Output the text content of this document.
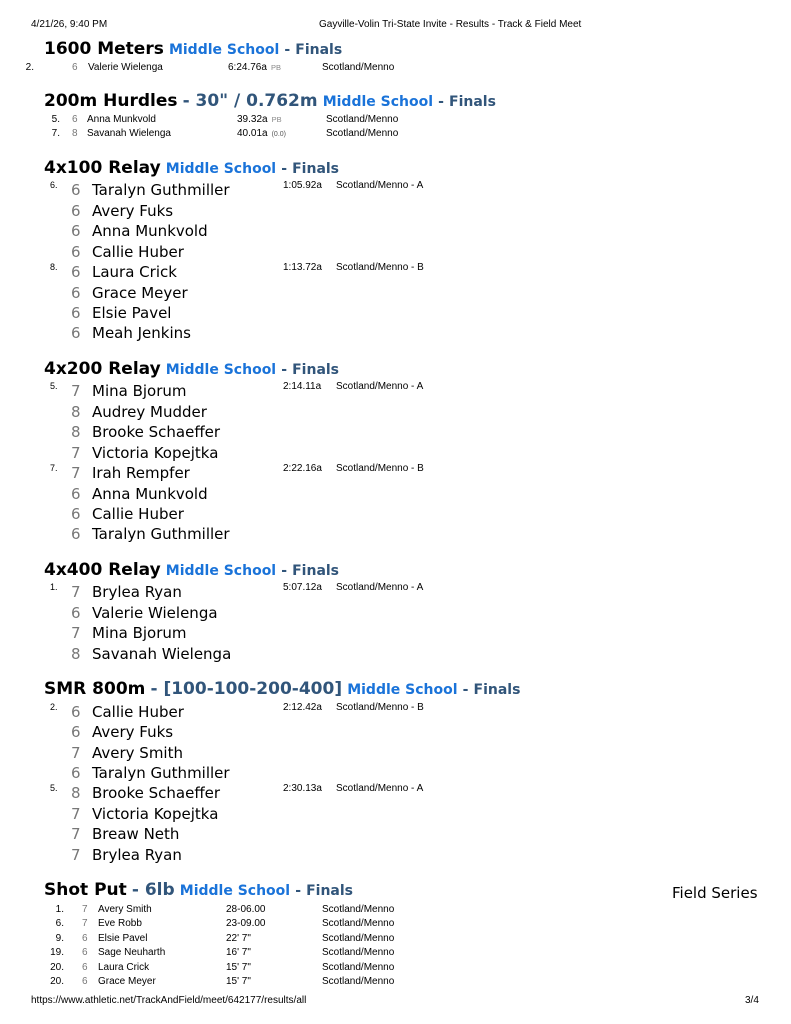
4/21/26, 9:40 PM	Gayville-Volin Tri-State Invite - Results - Track & Field Meet
1600 Meters Middle School - Finals
2.	6 Valerie Wielenga	6:24.76a PB	Scotland/Menno
200m Hurdles - 30" / 0.762m Middle School - Finals
5. 6 Anna Munkvold	39.32a PB	Scotland/Menno
7. 8 Savanah Wielenga	40.01a (0.0)	Scotland/Menno
4x100 Relay Middle School - Finals
6. 6 Taralyn Guthmiller	1:05.92a Scotland/Menno - A
6 Avery Fuks
6 Anna Munkvold
6 Callie Huber
8. 6 Laura Crick	1:13.72a Scotland/Menno - B
6 Grace Meyer
6 Elsie Pavel
6 Meah Jenkins
4x200 Relay Middle School - Finals
5. 7 Mina Bjorum	2:14.11a Scotland/Menno - A
8 Audrey Mudder
8 Brooke Schaeffer
7 Victoria Kopejtka
7. 7 Irah Rempfer	2:22.16a Scotland/Menno - B
6 Anna Munkvold
6 Callie Huber
6 Taralyn Guthmiller
4x400 Relay Middle School - Finals
1. 7 Brylea Ryan	5:07.12a Scotland/Menno - A
6 Valerie Wielenga
7 Mina Bjorum
8 Savanah Wielenga
SMR 800m - [100-100-200-400] Middle School - Finals
2. 6 Callie Huber	2:12.42a Scotland/Menno - B
6 Avery Fuks
7 Avery Smith
6 Taralyn Guthmiller
5. 8 Brooke Schaeffer	2:30.13a Scotland/Menno - A
7 Victoria Kopejtka
7 Breaw Neth
7 Brylea Ryan
Shot Put - 6lb Middle School - Finals	Field Series
1. 7 Avery Smith	28-06.00	Scotland/Menno
6. 7 Eve Robb	23-09.00	Scotland/Menno
9. 6 Elsie Pavel	22' 7"	Scotland/Menno
19. 6 Sage Neuharth	16' 7"	Scotland/Menno
20. 6 Laura Crick	15' 7"	Scotland/Menno
20. 6 Grace Meyer	15' 7"	Scotland/Menno
https://www.athletic.net/TrackAndField/meet/642177/results/all	3/4
